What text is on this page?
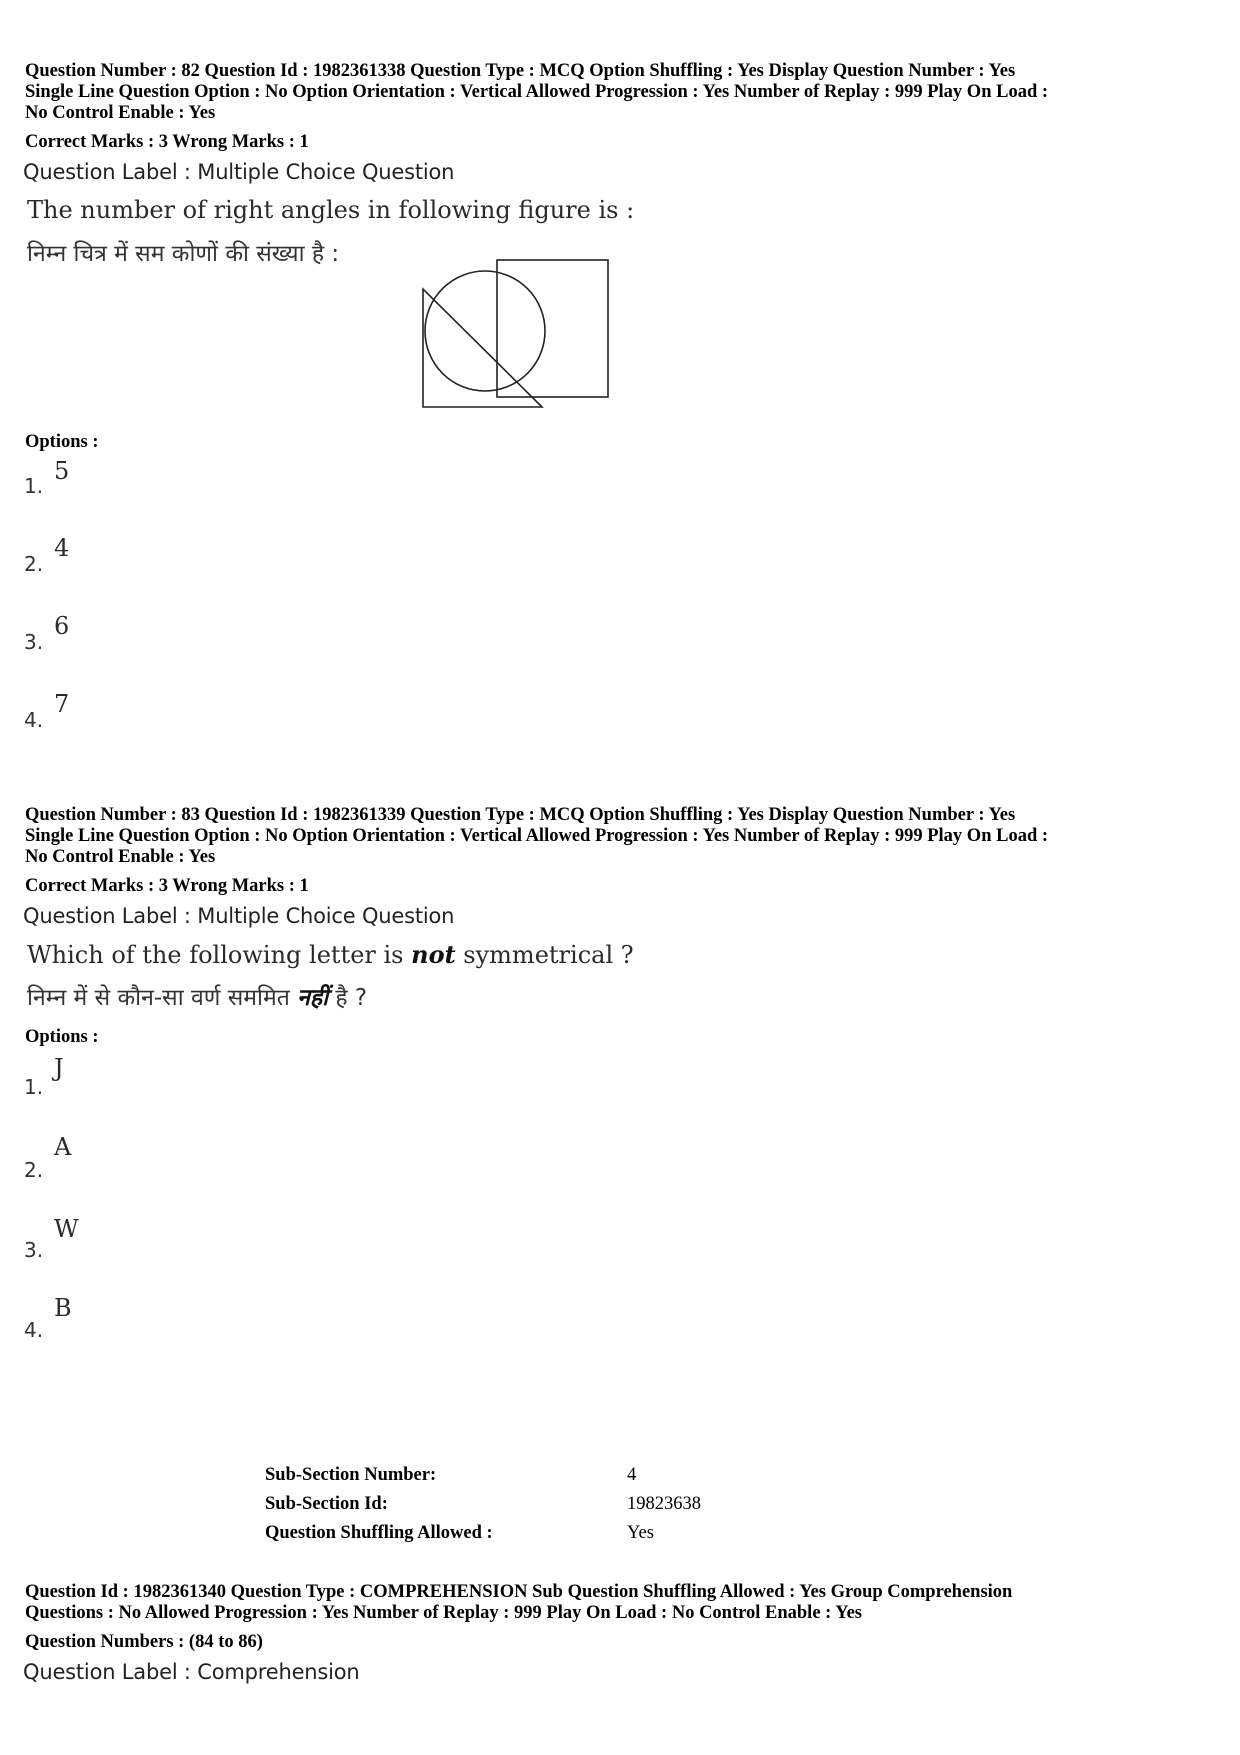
Question Number : 82 Question Id : 1982361338 Question Type : MCQ Option Shuffling : Yes Display Question Number : Yes
Single Line Question Option : No Option Orientation : Vertical Allowed Progression : Yes Number of Replay : 999 Play On Load :
No Control Enable : Yes
Correct Marks : 3 Wrong Marks : 1
Question Label : Multiple Choice Question
The number of right angles in following figure is :
निम्न चित्र में सम कोणों की संख्या है :
Options :
1.
5
2.
4
3.
6
4.
7
Question Number : 83 Question Id : 1982361339 Question Type : MCQ Option Shuffling : Yes Display Question Number : Yes
Single Line Question Option : No Option Orientation : Vertical Allowed Progression : Yes Number of Replay : 999 Play On Load :
No Control Enable : Yes
Correct Marks : 3 Wrong Marks : 1
Question Label : Multiple Choice Question
Which of the following letter is not symmetrical ?
निम्न में से कौन-सा वर्ण सममित नहीं है ?
Options :
1.
J
2.
A
3.
W
4.
B
Sub-Section Number:	4
Sub-Section Id:	19823638
Question Shuffling Allowed :	Yes
Question Id : 1982361340 Question Type : COMPREHENSION Sub Question Shuffling Allowed : Yes Group Comprehension
Questions : No Allowed Progression : Yes Number of Replay : 999 Play On Load : No Control Enable : Yes
Question Numbers : (84 to 86)
Question Label : Comprehension
